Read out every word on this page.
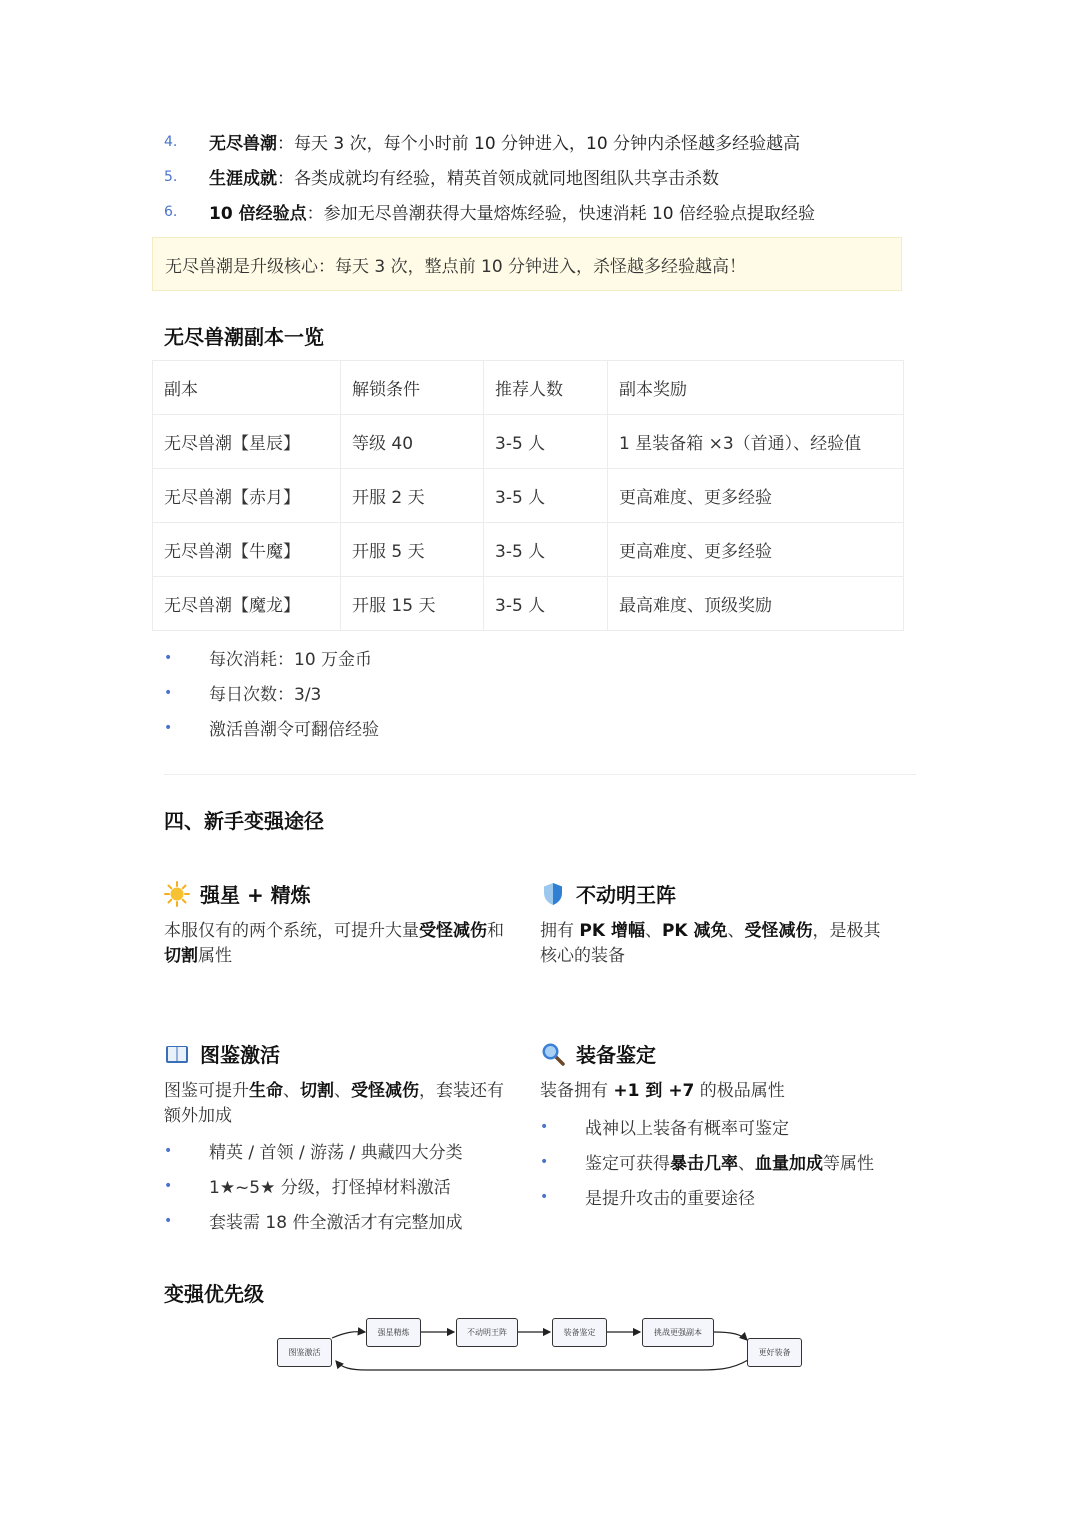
4.	无尽兽潮 ：每天 3 次，每个小时前 10 分钟进入，10 分钟内杀怪越多经验越高
5.	生涯成就 ：各类成就均有经验，精英首领成就同地图组队共享击杀数
6.	10 倍经验点 ：参加无尽兽潮获得大量熔炼经验，快速消耗 10 倍经验点提取经验
无尽兽潮是升级核心：每天 3 次，整点前 10 分钟进入，杀怪越多经验越高！
无尽兽潮副本一览
副本	解锁条件	推荐人数	副本奖励
无尽兽潮【星辰】	等级 40	3-5 人	1 星装备箱 ×3（首通）、经验值
无尽兽潮【赤月】	开服 2 天	3-5 人	更高难度、更多经验
无尽兽潮【牛魔】	开服 5 天	3-5 人	更高难度、更多经验
无尽兽潮【魔龙】	开服 15 天	3-5 人	最高难度、顶级奖励
•	每次消耗：10 万金币
•	每日次数：3/3
•	激活兽潮令可翻倍经验
四、新手变强途径
强星 + 精炼
本服仅有的两个系统，可提升大量受怪减伤和切割属性
不动明王阵
拥有 PK 增幅、PK 减免、受怪减伤，是极其核心的装备
图鉴激活
图鉴可提升生命、切割、受怪减伤，套装还有额外加成
•	精英 / 首领 / 游荡 / 典藏四大分类
•	1★~5★ 分级，打怪掉材料激活
•	套装需 18 件全激活才有完整加成
装备鉴定
装备拥有 +1 到 +7 的极品属性
•	战神以上装备有概率可鉴定
•	鉴定可获得 暴击几率 、 血量加成 等属性
•	是提升攻击的重要途径
变强优先级
图鉴激活
强星精炼	不动明王阵	装备鉴定	挑战更强副本
更好装备
